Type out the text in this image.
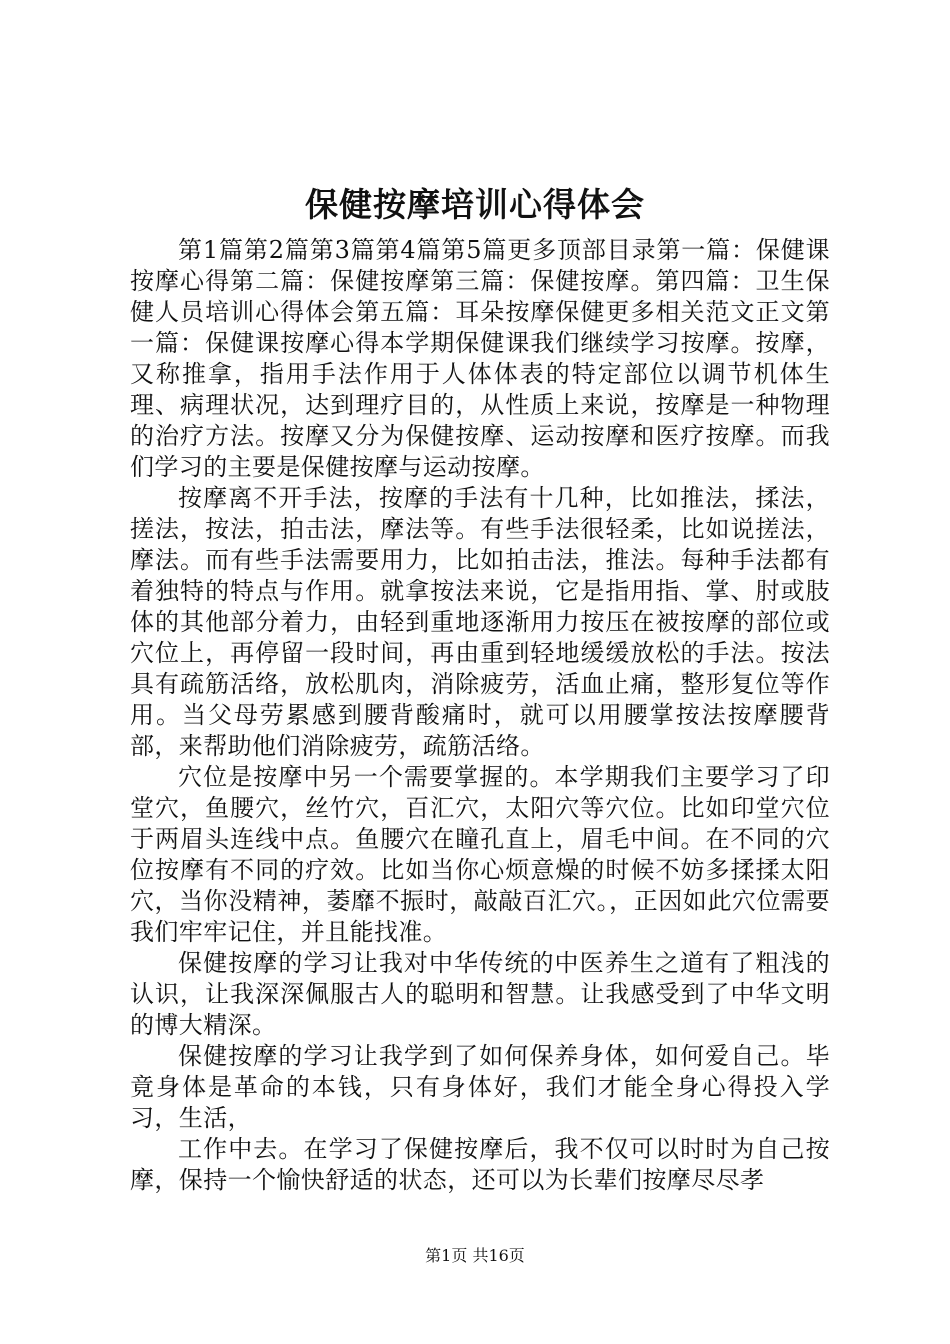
保健按摩培训心得体会

第1篇第2篇第3篇第4篇第5篇更多顶部目录第一篇：保健课按摩心得第二篇：保健按摩第三篇：保健按摩。第四篇：卫生保健人员培训心得体会第五篇：耳朵按摩保健更多相关范文正文第一篇：保健课按摩心得本学期保健课我们继续学习按摩。按摩，又称推拿，指用手法作用于人体体表的特定部位以调节机体生理、病理状况，达到理疗目的，从性质上来说，按摩是一种物理的治疗方法。按摩又分为保健按摩、运动按摩和医疗按摩。而我们学习的主要是保健按摩与运动按摩。

按摩离不开手法，按摩的手法有十几种，比如推法，揉法，搓法，按法，拍击法，摩法等。有些手法很轻柔，比如说搓法，摩法。而有些手法需要用力，比如拍击法，推法。每种手法都有着独特的特点与作用。就拿按法来说，它是指用指、掌、肘或肢体的其他部分着力，由轻到重地逐渐用力按压在被按摩的部位或穴位上，再停留一段时间，再由重到轻地缓缓放松的手法。按法具有疏筋活络，放松肌肉，消除疲劳，活血止痛，整形复位等作用。当父母劳累感到腰背酸痛时，就可以用腰掌按法按摩腰背部，来帮助他们消除疲劳，疏筋活络。

穴位是按摩中另一个需要掌握的。本学期我们主要学习了印堂穴，鱼腰穴，丝竹穴，百汇穴，太阳穴等穴位。比如印堂穴位于两眉头连线中点。鱼腰穴在瞳孔直上，眉毛中间。在不同的穴位按摩有不同的疗效。比如当你心烦意燥的时候不妨多揉揉太阳穴，当你没精神，萎靡不振时，敲敲百汇穴。，正因如此穴位需要我们牢牢记住，并且能找准。

保健按摩的学习让我对中华传统的中医养生之道有了粗浅的认识，让我深深佩服古人的聪明和智慧。让我感受到了中华文明的博大精深。

保健按摩的学习让我学到了如何保养身体，如何爱自己。毕竟身体是革命的本钱，只有身体好，我们才能全身心得投入学习，生活，

工作中去。在学习了保健按摩后，我不仅可以时时为自己按摩，保持一个愉快舒适的状态，还可以为长辈们按摩尽尽孝

第1页 共16页
